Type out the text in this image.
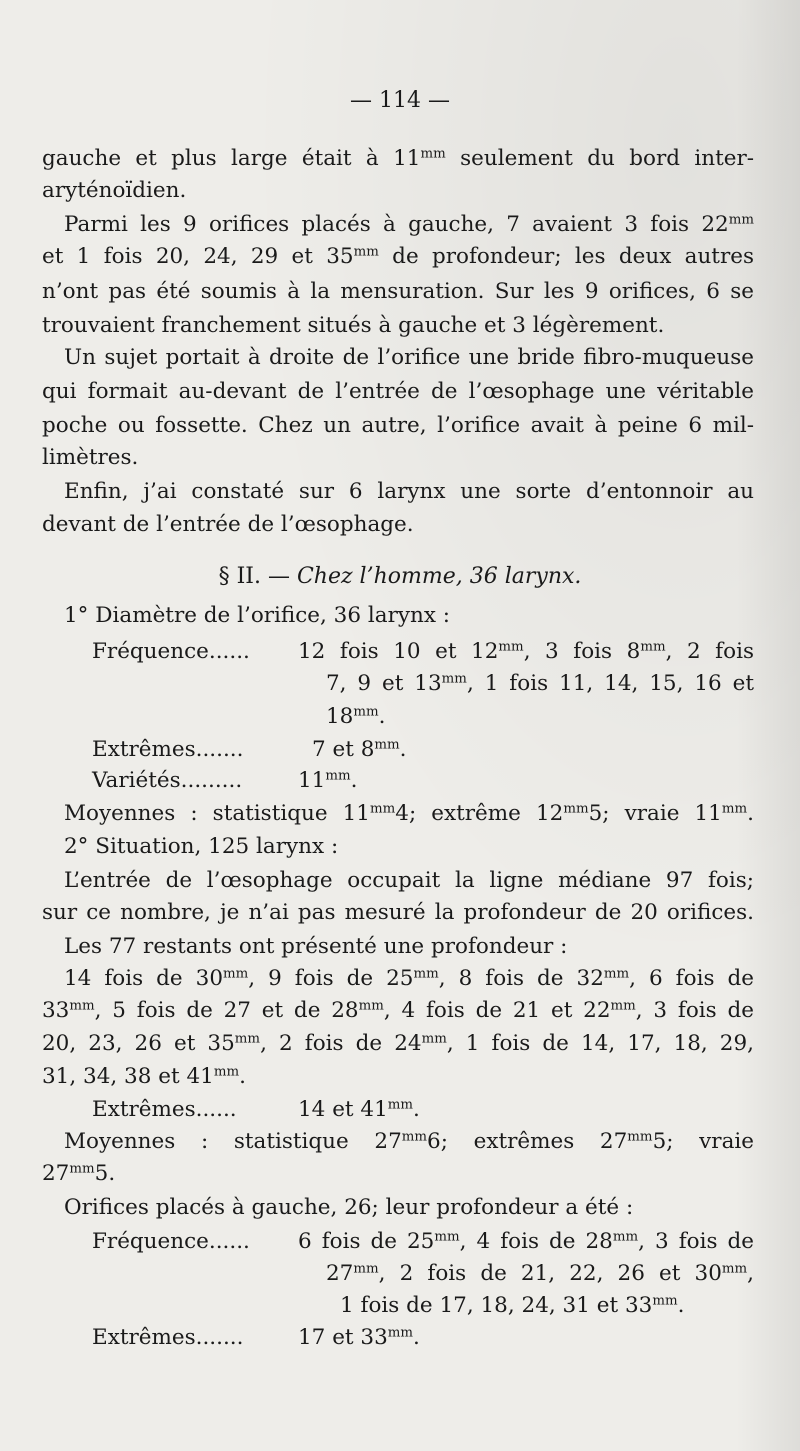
— 114 —
gauche et plus large était à $11^{mm}$ seulement du bord inter-
aryténoïdien.
Parmi les 9 orifices placés à gauche, 7 avaient 3 fois $22^{mm}$
et 1 fois 20, 24, 29 et $35^{mm}$ de profondeur; les deux autres
n’ont pas été soumis à la mensuration. Sur les 9 orifices, 6 se
trouvaient franchement situés à gauche et 3 légèrement.
Un sujet portait à droite de l’orifice une bride fibro-muqueuse
qui formait au-devant de l’entrée de l’œsophage une véritable
poche ou fossette. Chez un autre, l’orifice avait à peine 6 mil-
limètres.
Enfin, j’ai constaté sur 6 larynx une sorte d’entonnoir au
devant de l’entrée de l’œsophage.
§ II. — Chez l’homme, 36 larynx.
1° Diamètre de l’orifice, 36 larynx :
Fréquence...... 12 fois 10 et $12^{mm}$, 3 fois $8^{mm}$, 2 fois
7, 9 et $13^{mm}$, 1 fois 11, 14, 15, 16 et
$18^{mm}$.
Extrêmes.......	7 et $8^{mm}$.
Variétés.........	$11^{mm}$.
Moyennes : statistique $11^{mm}4$; extrême $12^{mm}5$; vraie $11^{mm}$.
2° Situation, 125 larynx :
L’entrée de l’œsophage occupait la ligne médiane 97 fois;
sur ce nombre, je n’ai pas mesuré la profondeur de 20 orifices.
Les 77 restants ont présenté une profondeur :
14 fois de $30^{mm}$, 9 fois de $25^{mm}$, 8 fois de $32^{mm}$, 6 fois de
$33^{mm}$, 5 fois de 27 et de $28^{mm}$, 4 fois de 21 et $22^{mm}$, 3 fois de
20, 23, 26 et $35^{mm}$, 2 fois de $24^{mm}$, 1 fois de 14, 17, 18, 29,
31, 34, 38 et $41^{mm}$.
Extrêmes......	14 et $41^{mm}$.
Moyennes : statistique $27^{mm}6$; extrêmes $27^{mm}5$; vraie
$27^{mm}5$.
Orifices placés à gauche, 26; leur profondeur a été :
Fréquence...... 6 fois de $25^{mm}$, 4 fois de $28^{mm}$, 3 fois de
$27^{mm}$, 2 fois de 21, 22, 26 et $30^{mm}$,
1 fois de 17, 18, 24, 31 et $33^{mm}$.
Extrêmes.......	17 et $33^{mm}$.
